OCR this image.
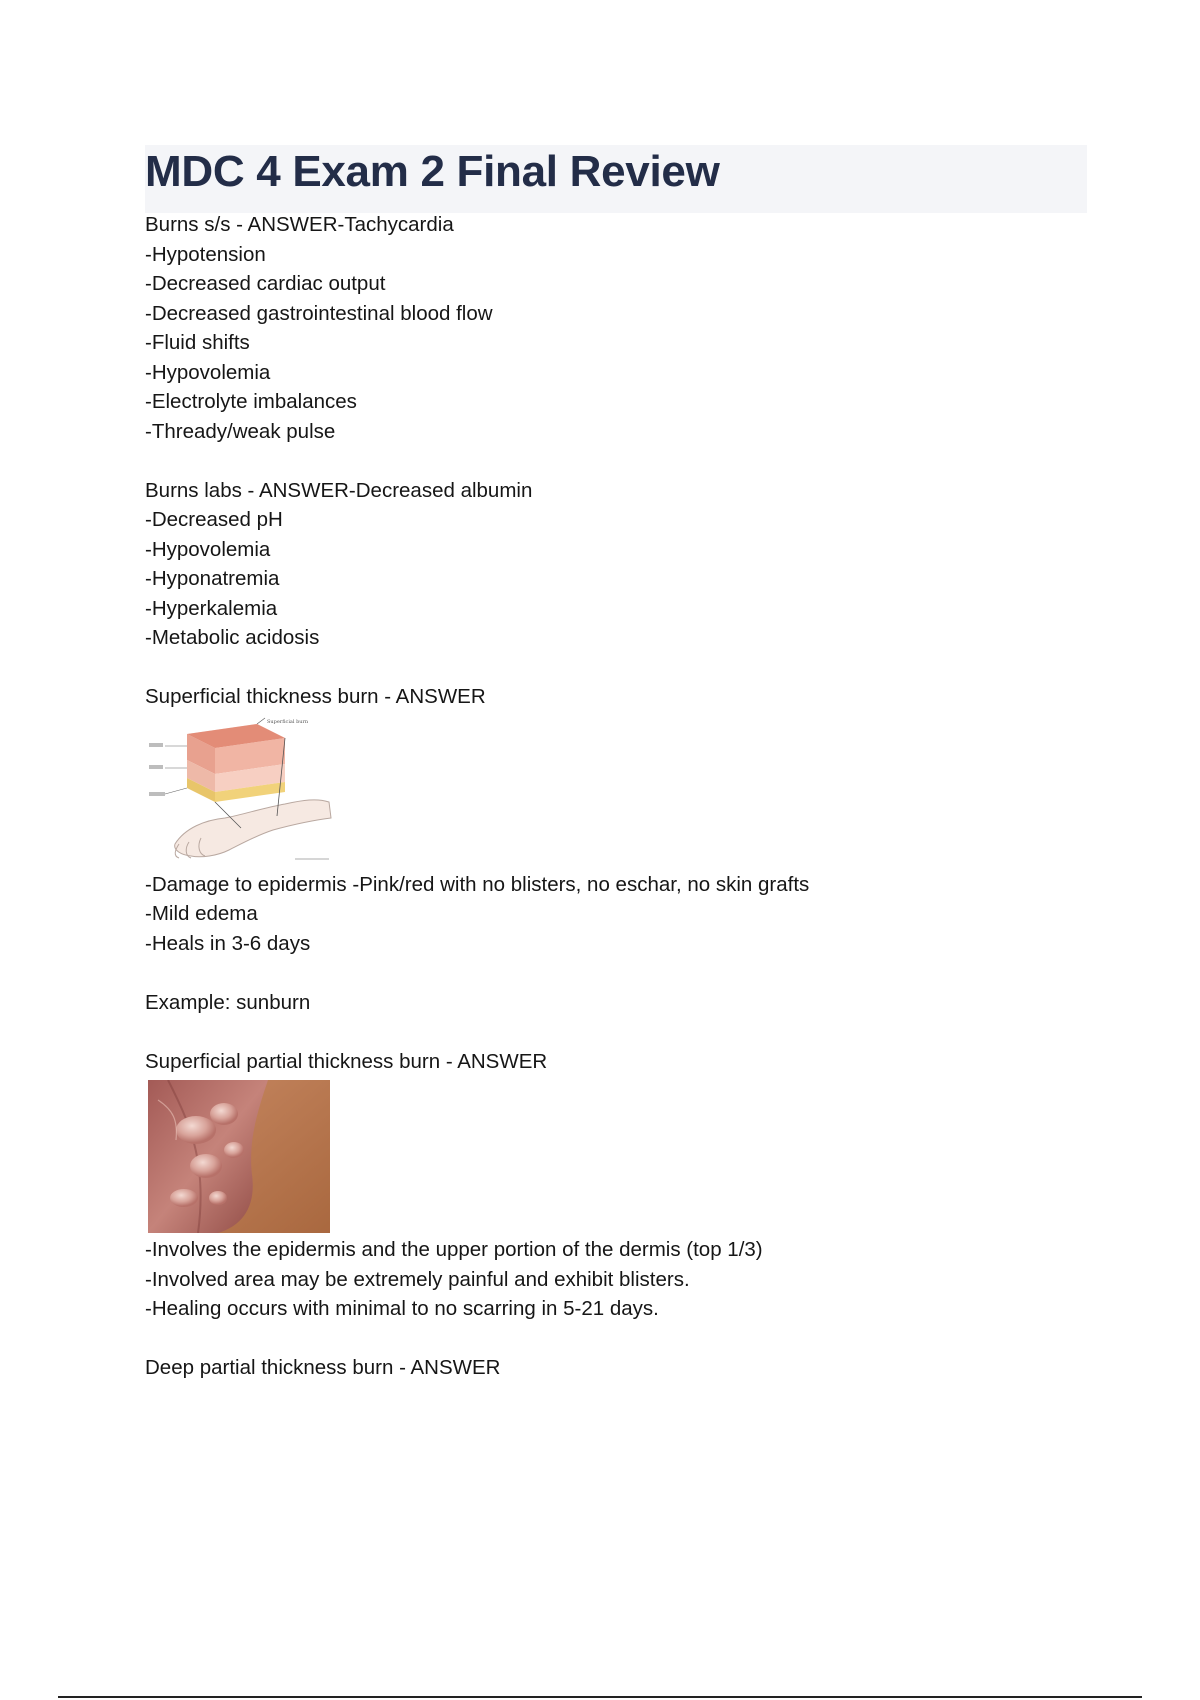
MDC 4 Exam 2 Final Review
Burns s/s - ANSWER-Tachycardia
-Hypotension
-Decreased cardiac output
-Decreased gastrointestinal blood flow
-Fluid shifts
-Hypovolemia
-Electrolyte imbalances
-Thready/weak pulse
Burns labs - ANSWER-Decreased albumin
-Decreased pH
-Hypovolemia
-Hyponatremia
-Hyperkalemia
-Metabolic acidosis
Superficial thickness burn - ANSWER
Superficial burn
-Damage to epidermis -Pink/red with no blisters, no eschar, no skin grafts
-Mild edema
-Heals in 3-6 days
Example: sunburn
Superficial partial thickness burn - ANSWER
-Involves the epidermis and the upper portion of the dermis (top 1/3)
-Involved area may be extremely painful and exhibit blisters.
-Healing occurs with minimal to no scarring in 5-21 days.
Deep partial thickness burn - ANSWER
